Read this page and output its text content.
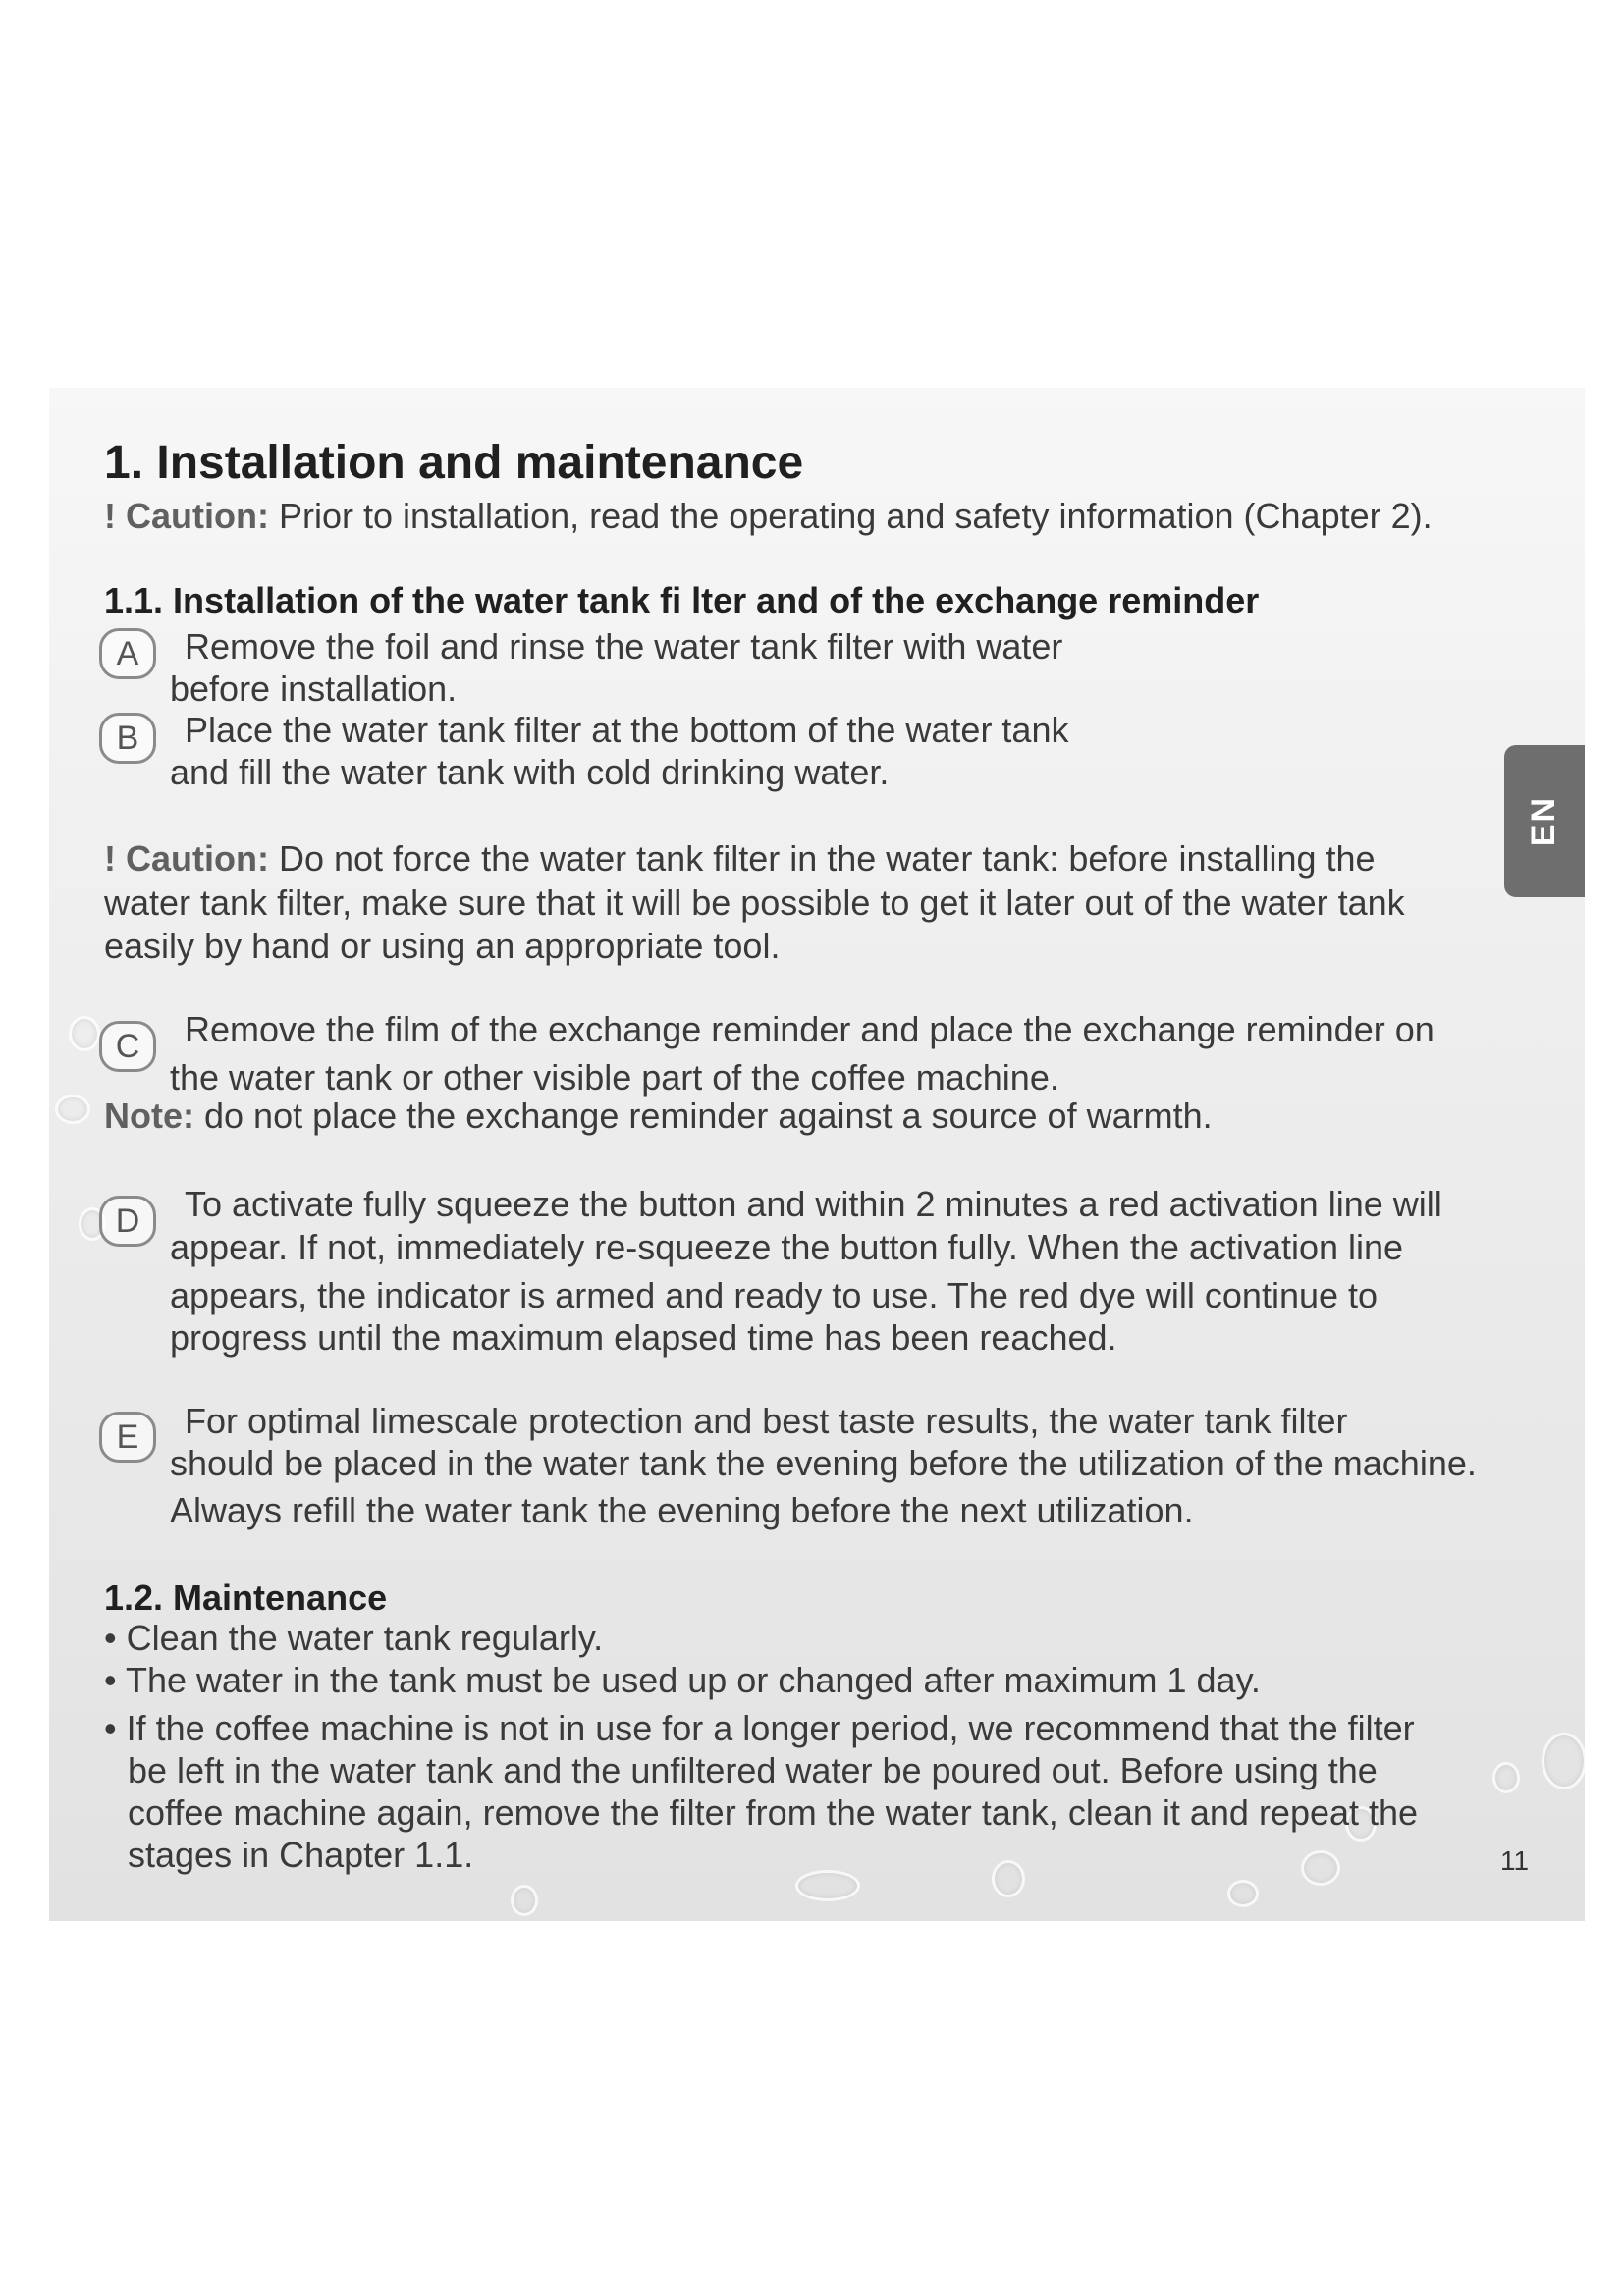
EN
1. Installation and maintenance
! Caution: Prior to installation, read the operating and safety information (Chapter 2).
1.1. Installation of the water tank fi lter and of the exchange reminder
A	Remove the foil and rinse the water tank filter with water
before installation.
B	Place the water tank filter at the bottom of the water tank
and fill the water tank with cold drinking water.
! Caution: Do not force the water tank filter in the water tank: before installing the
water tank filter, make sure that it will be possible to get it later out of the water tank
easily by hand or using an appropriate tool.
C	Remove the film of the exchange reminder and place the exchange reminder on
the water tank or other visible part of the coffee machine.
Note: do not place the exchange reminder against a source of warmth.
D	To activate fully squeeze the button and within 2 minutes a red activation line will
appear. If not, immediately re-squeeze the button fully. When the activation line
appears, the indicator is armed and ready to use. The red dye will continue to
progress until the maximum elapsed time has been reached.
E	For optimal limescale protection and best taste results, the water tank filter
should be placed in the water tank the evening before the utilization of the machine.
Always refill the water tank the evening before the next utilization.
1.2. Maintenance
• Clean the water tank regularly.
• The water in the tank must be used up or changed after maximum 1 day.
• If the coffee machine is not in use for a longer period, we recommend that the filter
be left in the water tank and the unfiltered water be poured out. Before using the
coffee machine again, remove the filter from the water tank, clean it and repeat the
stages in Chapter 1.1.	11
